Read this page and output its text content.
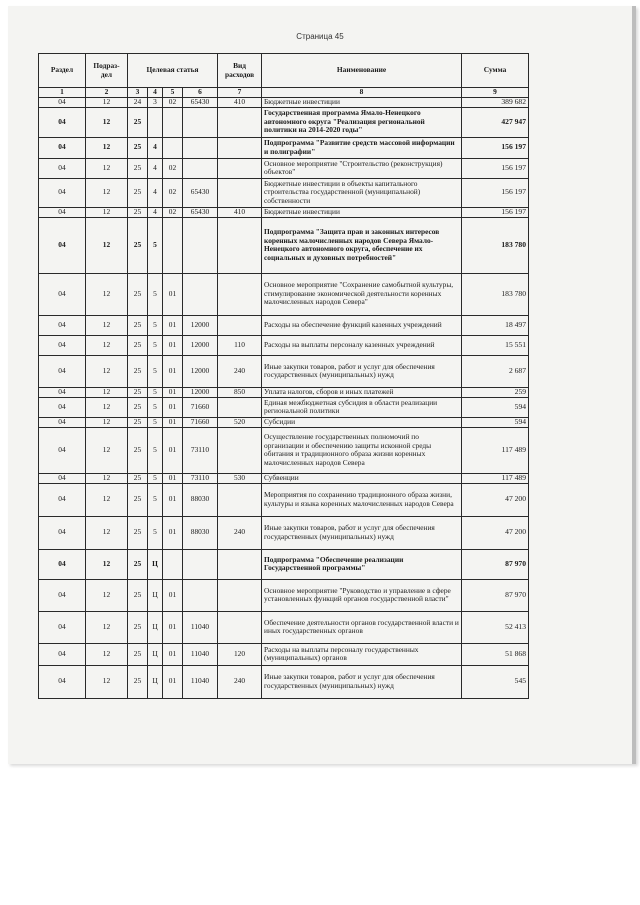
Страница 45
Раздел	Подраз-дел	Целевая статья				Вид расходов	Наименование	Сумма
1	2	3	4	5	6	7	8	9
04	12	24	3	02	65430	410	Бюджетные инвестиции	389 682
04	12	25					Государственная программа Ямало-Ненецкого автономного округа "Реализация региональной политики на 2014-2020 годы"	427 947
04	12	25	4				Подпрограмма "Развитие средств массовой информации и полиграфии"	156 197
04	12	25	4	02			Основное мероприятие "Строительство (реконструкция) объектов"	156 197
04	12	25	4	02	65430		Бюджетные инвестиции в объекты капитального строительства государственной (муниципальной) собственности	156 197
04	12	25	4	02	65430	410	Бюджетные инвестиции	156 197
04	12	25	5				Подпрограмма "Защита прав и законных интересов коренных малочисленных народов Севера Ямало-Ненецкого автономного округа, обеспечение их социальных и духовных потребностей"	183 780
04	12	25	5	01			Основное мероприятие "Сохранение самобытной культуры, стимулирование экономической деятельности коренных малочисленных народов Севера"	183 780
04	12	25	5	01	12000		Расходы на обеспечение функций казенных учреждений	18 497
04	12	25	5	01	12000	110	Расходы на выплаты персоналу казенных учреждений	15 551
04	12	25	5	01	12000	240	Иные закупки товаров, работ и услуг для обеспечения государственных (муниципальных) нужд	2 687
04	12	25	5	01	12000	850	Уплата налогов, сборов и иных платежей	259
04	12	25	5	01	71660		Единая межбюджетная субсидия в области реализации региональной политики	594
04	12	25	5	01	71660	520	Субсидии	594
04	12	25	5	01	73110		Осуществление государственных полномочий по организации и обеспечению защиты исконной среды обитания и традиционного образа жизни коренных малочисленных народов Севера	117 489
04	12	25	5	01	73110	530	Субвенции	117 489
04	12	25	5	01	88030		Мероприятия по сохранению традиционного образа жизни, культуры и языка коренных малочисленных народов Севера	47 200
04	12	25	5	01	88030	240	Иные закупки товаров, работ и услуг для обеспечения государственных (муниципальных) нужд	47 200
04	12	25	Ц				Подпрограмма "Обеспечение реализации Государственной программы"	87 970
04	12	25	Ц	01			Основное мероприятие "Руководство и управление в сфере установленных функций органов государственной власти"	87 970
04	12	25	Ц	01	11040		Обеспечение деятельности органов государственной власти и иных государственных органов	52 413
04	12	25	Ц	01	11040	120	Расходы на выплаты персоналу государственных (муниципальных) органов	51 868
04	12	25	Ц	01	11040	240	Иные закупки товаров, работ и услуг для обеспечения государственных (муниципальных) нужд	545
